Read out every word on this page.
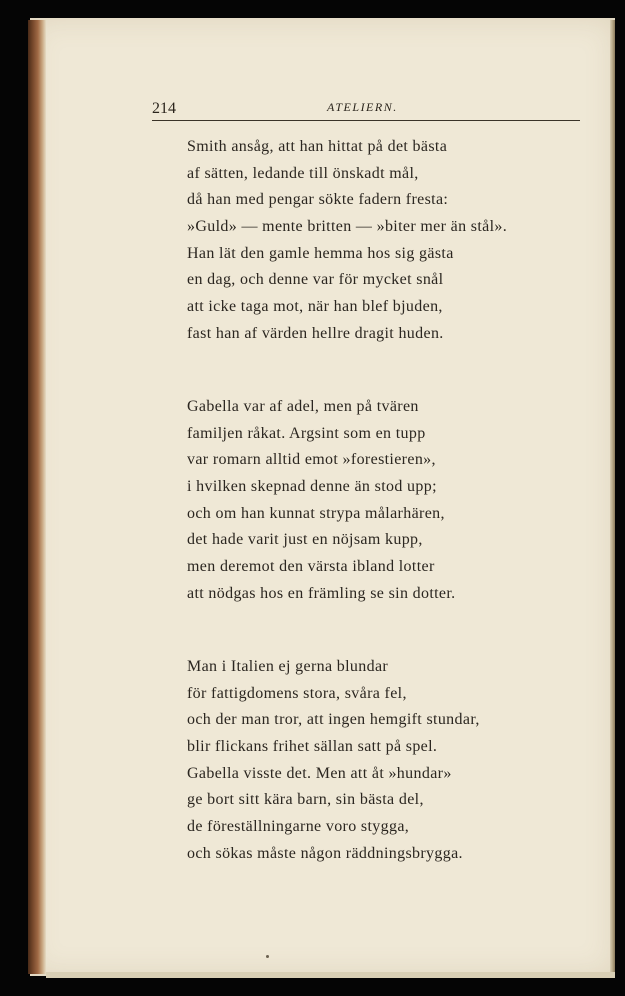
214	ATELIERN.
Smith ansåg, att han hittat på det bästa
af sätten, ledande till önskadt mål,
då han med pengar sökte fadern fresta:
»Guld» — mente britten — »biter mer än stål».
Han lät den gamle hemma hos sig gästa
en dag, och denne var för mycket snål
att icke taga mot, när han blef bjuden,
fast han af värden hellre dragit huden.
Gabella var af adel, men på tvären
familjen råkat. Argsint som en tupp
var romarn alltid emot »forestieren»,
i hvilken skepnad denne än stod upp;
och om han kunnat strypa målarhären,
det hade varit just en nöjsam kupp,
men deremot den värsta ibland lotter
att nödgas hos en främling se sin dotter.
Man i Italien ej gerna blundar
för fattigdomens stora, svåra fel,
och der man tror, att ingen hemgift stundar,
blir flickans frihet sällan satt på spel.
Gabella visste det. Men att åt »hundar»
ge bort sitt kära barn, sin bästa del,
de föreställningarne voro stygga,
och sökas måste någon räddningsbrygga.
